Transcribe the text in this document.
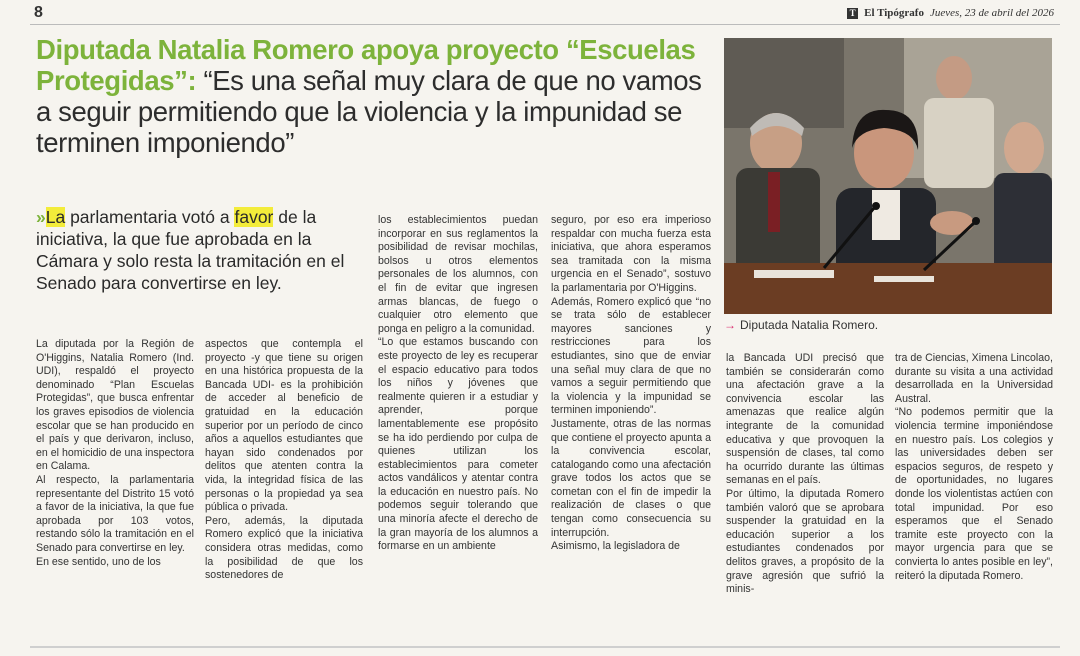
8	T El Tipógrafo Jueves, 23 de abril del 2026
Diputada Natalia Romero apoya proyecto “Escuelas Protegidas”: “Es una señal muy clara de que no vamos a seguir permitiendo que la violencia y la impunidad se terminen imponiendo”
»La parlamentaria votó a favor de la iniciativa, la que fue aprobada en la Cámara y solo resta la tramitación en el Senado para convertirse en ley.

La diputada por la Región de O'Higgins, Natalia Romero (Ind. UDI), respaldó el proyecto denominado “Plan Escuelas Protegidas”, que busca enfrentar los graves episodios de violencia escolar que se han producido en el país y que derivaron, incluso, en el homicidio de una inspectora en Calama.

Al respecto, la parlamentaria representante del Distrito 15 votó a favor de la iniciativa, la que fue aprobada por 103 votos, restando sólo la tramitación en el Senado para convertirse en ley.

En ese sentido, uno de los

aspectos que contempla el proyecto -y que tiene su origen en una histórica propuesta de la Bancada UDI- es la prohibición de acceder al beneficio de gratuidad en la educación superior por un período de cinco años a aquellos estudiantes que hayan sido condenados por delitos que atenten contra la vida, la integridad física de las personas o la propiedad ya sea pública o privada.

Pero, además, la diputada Romero explicó que la iniciativa considera otras medidas, como la posibilidad de que los sostenedores de

los establecimientos puedan incorporar en sus reglamentos la posibilidad de revisar mochilas, bolsos u otros elementos personales de los alumnos, con el fin de evitar que ingresen armas blancas, de fuego o cualquier otro elemento que ponga en peligro a la comunidad.

“Lo que estamos buscando con este proyecto de ley es recuperar el espacio educativo para todos los niños y jóvenes que realmente quieren ir a estudiar y aprender, porque lamentablemente ese propósito se ha ido perdiendo por culpa de quienes utilizan los establecimientos para cometer actos vandálicos y atentar contra la educación en nuestro país. No podemos seguir tolerando que una minoría afecte el derecho de la gran mayoría de los alumnos a formarse en un ambiente

seguro, por eso era imperioso respaldar con mucha fuerza esta iniciativa, que ahora esperamos sea tramitada con la misma urgencia en el Senado”, sostuvo la parlamentaria por O'Higgins.

Además, Romero explicó que “no se trata sólo de establecer mayores sanciones y restricciones para los estudiantes, sino que de enviar una señal muy clara de que no vamos a seguir permitiendo que la violencia y la impunidad se terminen imponiendo”.

Justamente, otras de las normas que contiene el proyecto apunta a la convivencia escolar, catalogando como una afectación grave todos los actos que se cometan con el fin de impedir la realización de clases o que tengan como consecuencia su interrupción.

Asimismo, la legisladora de

→ Diputada Natalia Romero.

la Bancada UDI precisó que también se considerarán como una afectación grave a la convivencia escolar las amenazas que realice algún integrante de la comunidad educativa y que provoquen la suspensión de clases, tal como ha ocurrido durante las últimas semanas en el país.

Por último, la diputada Romero también valoró que se aprobara suspender la gratuidad en la educación superior a los estudiantes condenados por delitos graves, a propósito de la grave agresión que sufrió la minis-

tra de Ciencias, Ximena Lincolao, durante su visita a una actividad desarrollada en la Universidad Austral.

“No podemos permitir que la violencia termine imponiéndose en nuestro país. Los colegios y las universidades deben ser espacios seguros, de respeto y de oportunidades, no lugares donde los violentistas actúen con total impunidad. Por eso esperamos que el Senado tramite este proyecto con la mayor urgencia para que se convierta lo antes posible en ley”, reiteró la diputada Romero.
